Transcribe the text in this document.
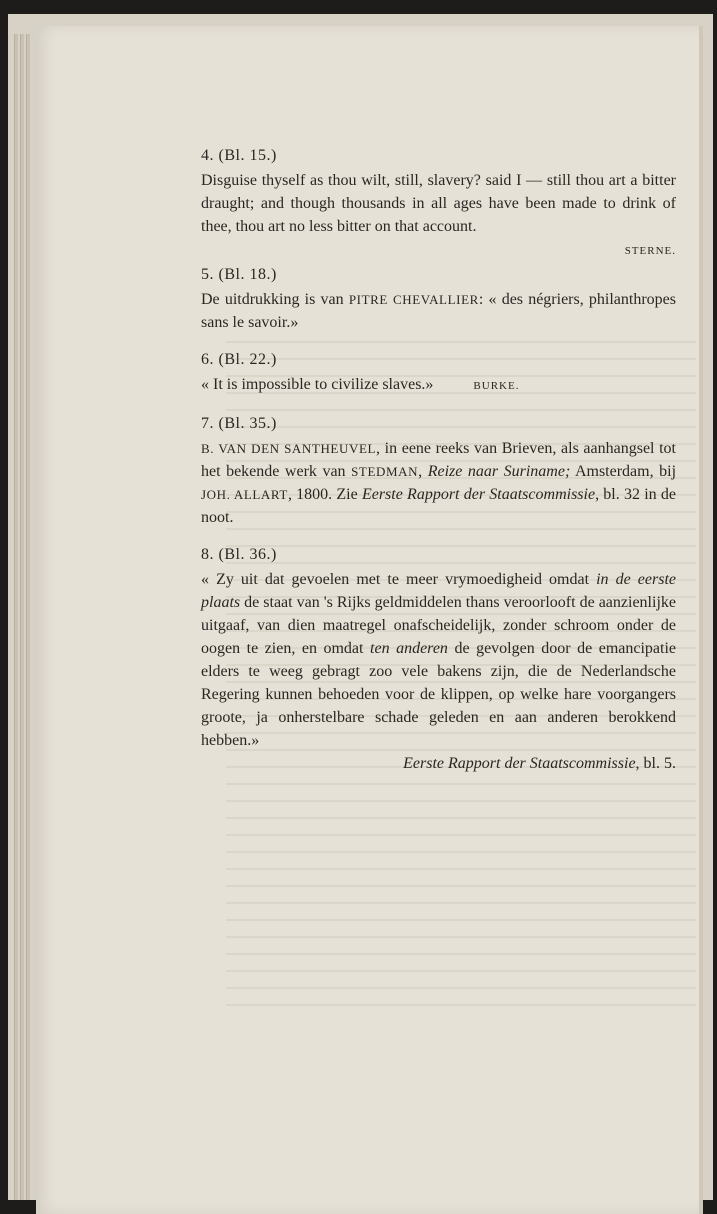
4. (Bl. 15.)
Disguise thyself as thou wilt, still, slavery? said I — still thou art a bitter draught; and though thousands in all ages have been made to drink of thee, thou art no less bitter on that account.
STERNE.
5. (Bl. 18.)
De uitdrukking is van PITRE CHEVALLIER: « des négriers, philanthropes sans le savoir.»
6. (Bl. 22.)
« It is impossible to civilize slaves.»	BURKE.
7. (Bl. 35.)
B. VAN DEN SANTHEUVEL, in eene reeks van Brieven, als aanhangsel tot het bekende werk van STEDMAN, Reize naar Suriname; Amsterdam, bij JOH. ALLART, 1800. Zie Eerste Rapport der Staatscommissie, bl. 32 in de noot.
8. (Bl. 36.)
« Zy uit dat gevoelen met te meer vrymoedigheid omdat in de eerste plaats de staat van 's Rijks geldmiddelen thans veroorlooft de aanzienlijke uitgaaf, van dien maatregel onafscheidelijk, zonder schroom onder de oogen te zien, en omdat ten anderen de gevolgen door de emancipatie elders te weeg gebragt zoo vele bakens zijn, die de Nederlandsche Regering kunnen behoeden voor de klippen, op welke hare voorgangers groote, ja onherstelbare schade geleden en aan anderen berokkend hebben.»
Eerste Rapport der Staatscommissie, bl. 5.
